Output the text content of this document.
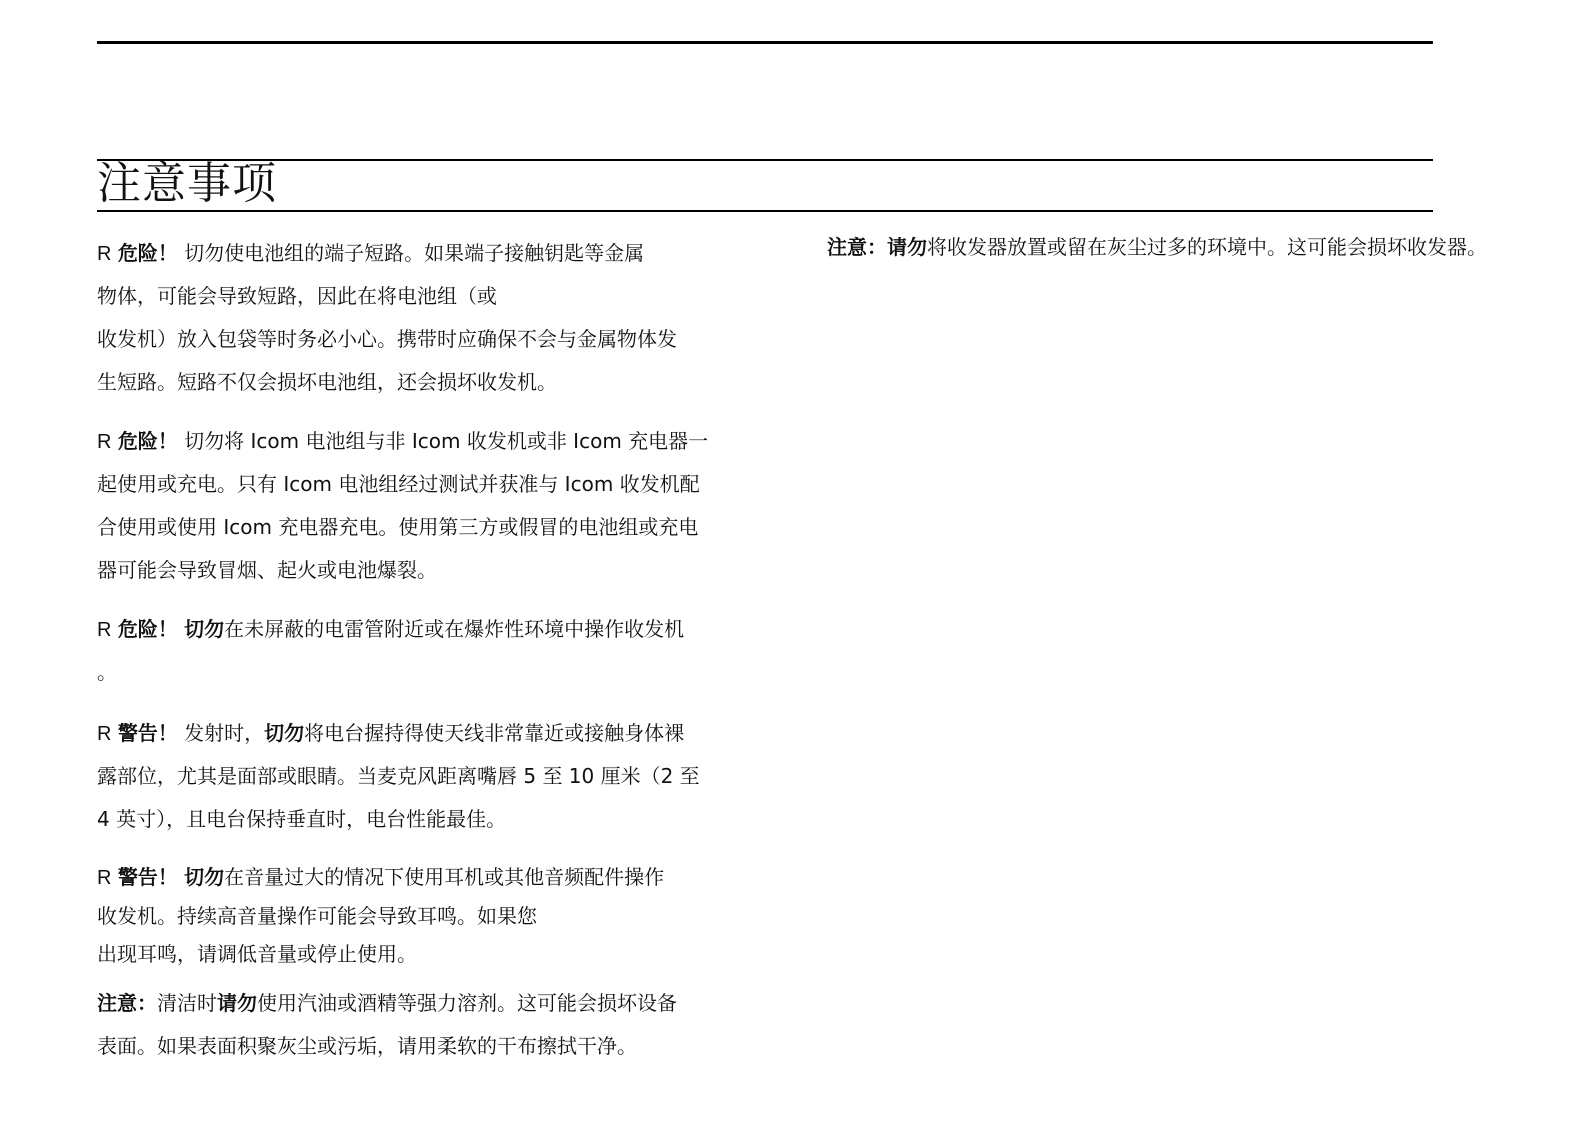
注意事项
R 危险！ 切勿使电池组的端子短路。如果端子接触钥匙等金属
物体，可能会导致短路，因此在将电池组（或
收发机）放入包袋等时务必小心。携带时应确保不会与金属物体发
生短路。短路不仅会损坏电池组，还会损坏收发机。
R 危险！ 切勿将 Icom 电池组与非 Icom 收发机或非 Icom 充电器一
起使用或充电。只有 Icom 电池组经过测试并获准与 Icom 收发机配
合使用或使用 Icom 充电器充电。使用第三方或假冒的电池组或充电
器可能会导致冒烟、起火或电池爆裂。
R 危险！ 切勿在未屏蔽的电雷管附近或在爆炸性环境中操作收发机
。
R 警告！ 发射时，切勿将电台握持得使天线非常靠近或接触身体裸
露部位，尤其是面部或眼睛。当麦克风距离嘴唇 5 至 10 厘米（2 至
4 英寸），且电台保持垂直时，电台性能最佳。
R 警告！ 切勿在音量过大的情况下使用耳机或其他音频配件操作
收发机。持续高音量操作可能会导致耳鸣。如果您
出现耳鸣，请调低音量或停止使用。
注意：清洁时请勿使用汽油或酒精等强力溶剂。这可能会损坏设备
表面。如果表面积聚灰尘或污垢，请用柔软的干布擦拭干净。
注意：请勿将收发器放置或留在灰尘过多的环境中。这可能会损坏收发器。
